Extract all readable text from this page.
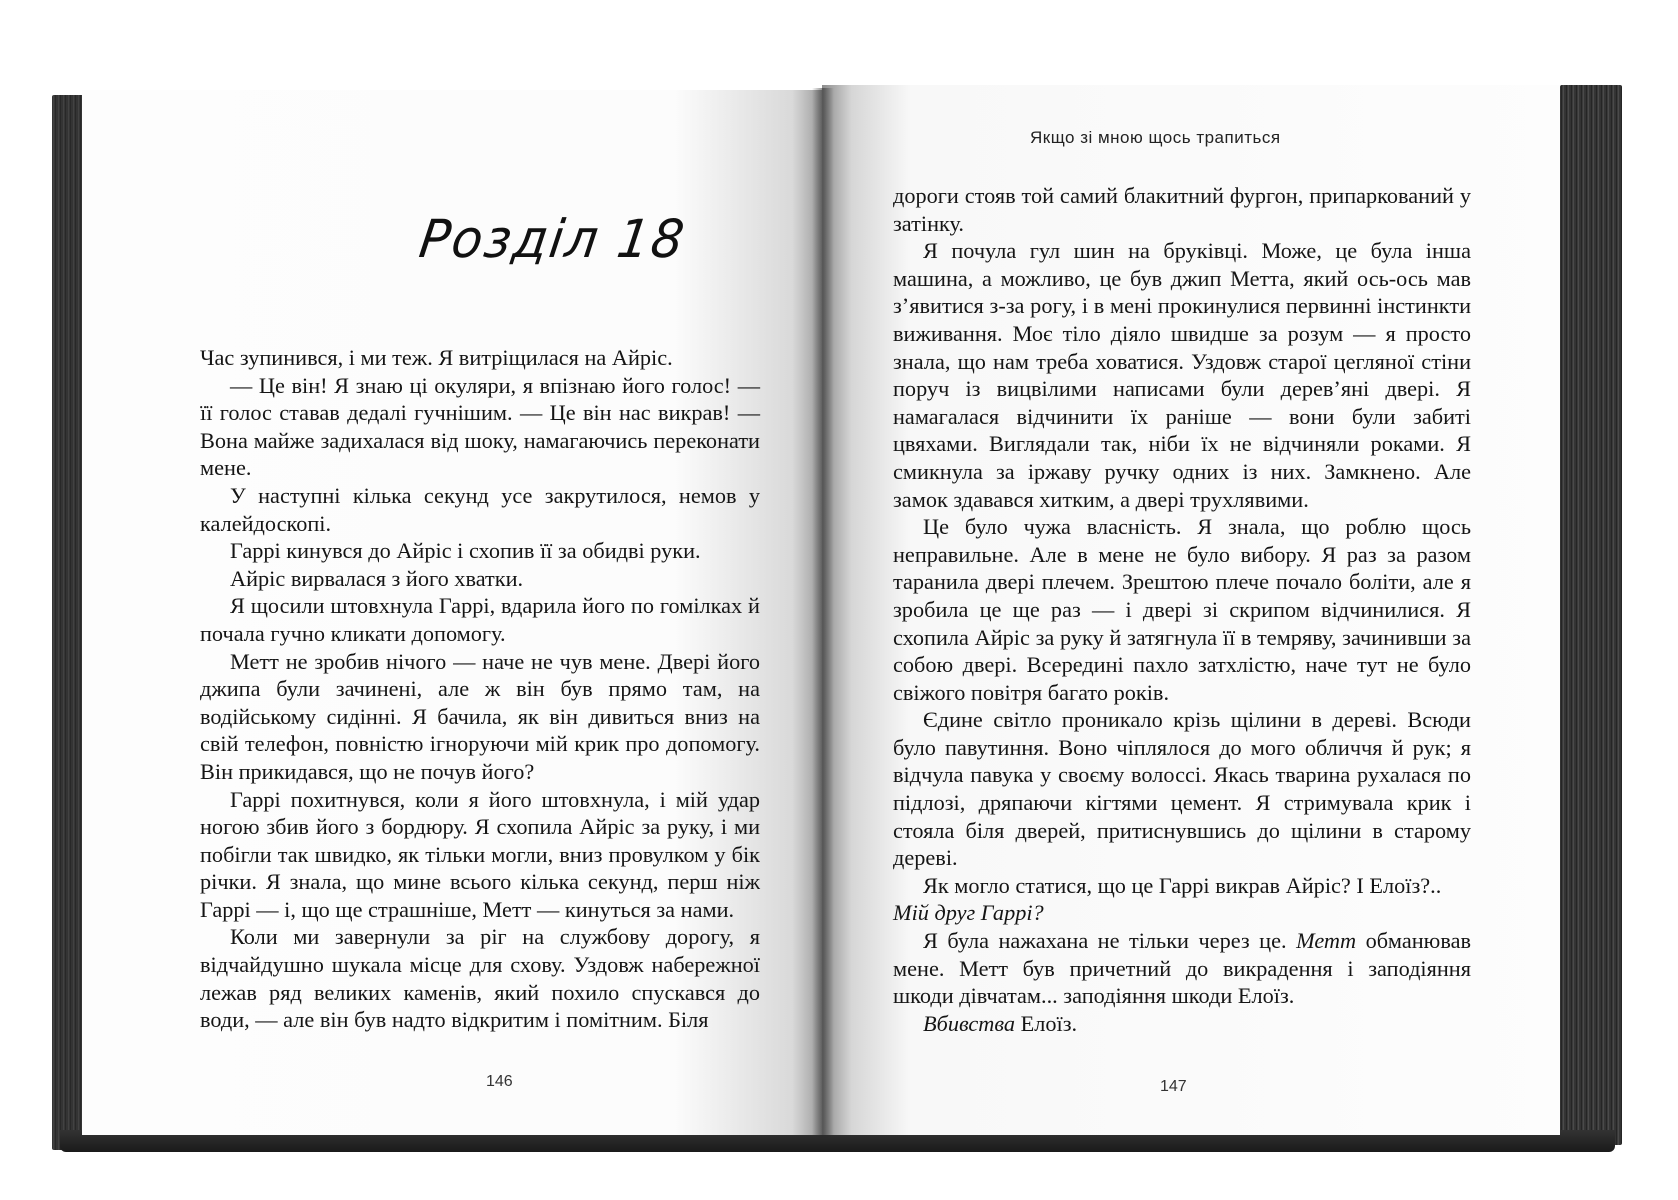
Розділ 18

Час зупинився, і ми теж. Я витріщилася на Айріс.

— Це він! Я знаю ці окуляри, я впізнаю його голос! — її голос ставав дедалі гучнішим. — Це він нас викрав! — Вона майже задихалася від шоку, намагаючись переконати мене.

У наступні кілька секунд усе закрутилося, немов у калейдоскопі.

Гаррі кинувся до Айріс і схопив її за обидві руки.

Айріс вирвалася з його хватки.

Я щосили штовхнула Гаррі, вдарила його по гомілках й почала гучно кликати допомогу.

Метт не зробив нічого — наче не чув мене. Двері його джипа були зачинені, але ж він був прямо там, на водійському сидінні. Я бачила, як він дивиться вниз на свій телефон, повністю ігноруючи мій крик про допомогу. Він прикидався, що не почув його?

Гаррі похитнувся, коли я його штовхнула, і мій удар ногою збив його з бордюру. Я схопила Айріс за руку, і ми побігли так швидко, як тільки могли, вниз провулком у бік річки. Я знала, що мине всього кілька секунд, перш ніж Гаррі — і, що ще страшніше, Метт — кинуться за нами.

Коли ми завернули за ріг на службову дорогу, я відчайдушно шукала місце для схову. Уздовж набережної лежав ряд великих каменів, який похило спускався до води, — але він був надто відкритим і помітним. Біля

146
Якщо зі мною щось трапиться

дороги стояв той самий блакитний фургон, припаркований у затінку.

Я почула гул шин на бруківці. Може, це була інша машина, а можливо, це був джип Метта, який ось-ось мав з’явитися з-за рогу, і в мені прокинулися первинні інстинкти виживання. Моє тіло діяло швидше за розум — я просто знала, що нам треба ховатися. Уздовж старої цегляної стіни поруч із вицвілими написами були дерев’яні двері. Я намагалася відчинити їх раніше — вони були забиті цвяхами. Виглядали так, ніби їх не відчиняли роками. Я смикнула за іржаву ручку одних із них. Замкнено. Але замок здавався хитким, а двері трухлявими.

Це було чужа власність. Я знала, що роблю щось неправильне. Але в мене не було вибору. Я раз за разом таранила двері плечем. Зрештою плече почало боліти, але я зробила це ще раз — і двері зі скрипом відчинилися. Я схопила Айріс за руку й затягнула її в темряву, зачинивши за собою двері. Всередині пахло затхлістю, наче тут не було свіжого повітря багато років.

Єдине світло проникало крізь щілини в дереві. Всюди було павутиння. Воно чіплялося до мого обличчя й рук; я відчула павука у своєму волоссі. Якась тварина рухалася по підлозі, дряпаючи кігтями цемент. Я стримувала крик і стояла біля дверей, притиснувшись до щілини в старому дереві.

Як могло статися, що це Гаррі викрав Айріс? І Елоїз?..

Мій друг Гаррі?

Я була нажахана не тільки через це. Метт обманював мене. Метт був причетний до викрадення і заподіяння шкоди дівчатам... заподіяння шкоди Елоїз.

Вбивства Елоїз.

147
